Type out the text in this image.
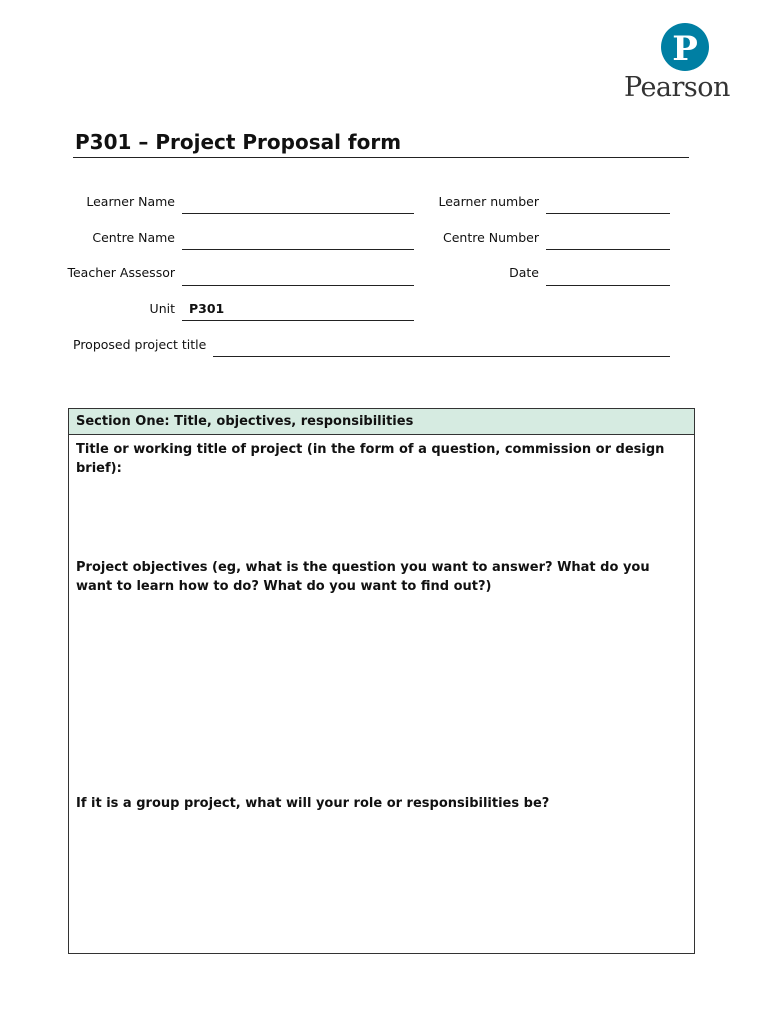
P
Pearson
P301 – Project Proposal form
Learner Name	Learner number
Centre Name	Centre Number
Teacher Assessor	Date
Unit P301
Proposed project title
Section One: Title, objectives, responsibilities
Title or working title of project (in the form of a question, commission or design brief):
Project objectives (eg, what is the question you want to answer? What do you want to learn how to do? What do you want to find out?)
If it is a group project, what will your role or responsibilities be?
